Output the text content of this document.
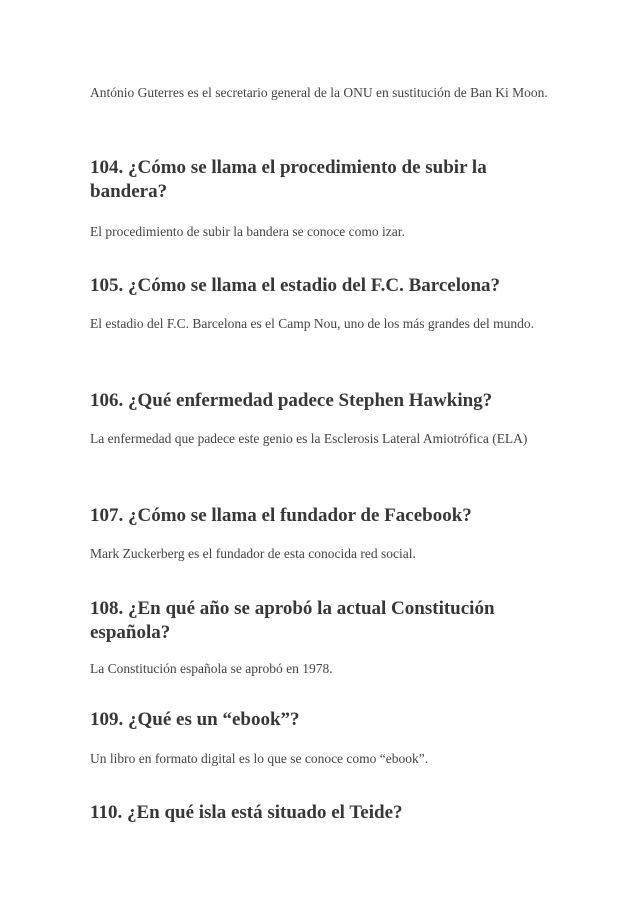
António Guterres es el secretario general de la ONU en sustitución de Ban Ki Moon.

104. ¿Cómo se llama el procedimiento de subir la bandera?

El procedimiento de subir la bandera se conoce como izar.

105. ¿Cómo se llama el estadio del F.C. Barcelona?

El estadio del F.C. Barcelona es el Camp Nou, uno de los más grandes del mundo.

106. ¿Qué enfermedad padece Stephen Hawking?

La enfermedad que padece este genio es la Esclerosis Lateral Amiotrófica (ELA)

107. ¿Cómo se llama el fundador de Facebook?

Mark Zuckerberg es el fundador de esta conocida red social.

108. ¿En qué año se aprobó la actual Constitución española?

La Constitución española se aprobó en 1978.

109. ¿Qué es un “ebook”?

Un libro en formato digital es lo que se conoce como “ebook”.

110. ¿En qué isla está situado el Teide?
